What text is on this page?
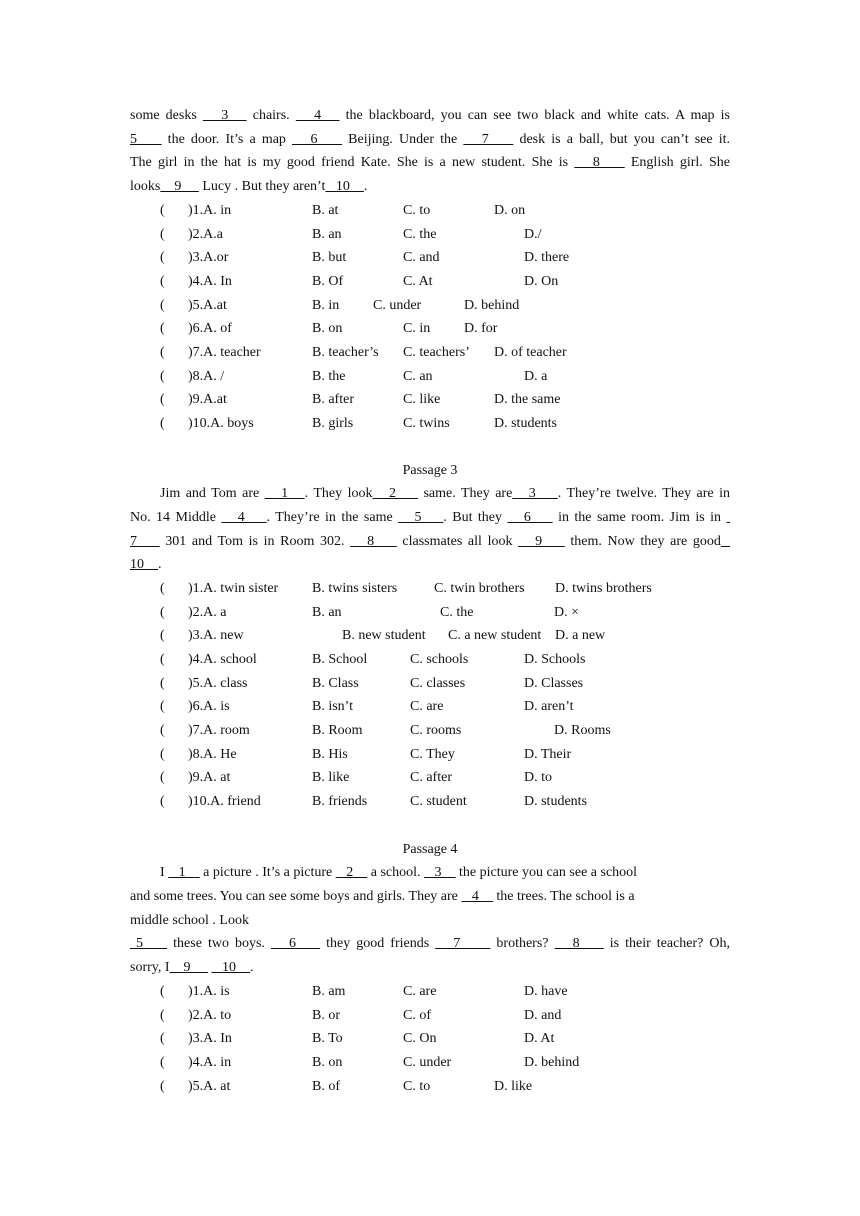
some desks    3    chairs.    4    the blackboard, you can see two black and white cats. A map is
5     the door. It’s a map    6     Beijing. Under the    7     desk is a ball, but you can’t see it.
The girl in the hat is my good friend Kate. She is a new student. She is    8     English girl. She
looks    9      Lucy . But they aren’t   10    .
( )1.A. in	B. at	C. to	D. on
( )2.A.a	B. an	C. the	D./
( )3.A.or	B. but	C. and	D. there
( )4.A. In	B. Of	C. At	D. On
( )5.A.at	B. in C. under	D. behind
( )6.A. of	B. on	C. in D. for
( )7.A. teacher	B. teacher’s C. teachers’ D. of teacher
( )8.A. /	B. the	C. an	D. a
( )9.A.at	B. after	C. like	D. the same
( )10.A. boys	B. girls	C. twins	D. students
Passage 3
Jim and Tom are    1   . They look   2     same. They are   3    . They’re twelve. They are in
No. 14 Middle    4    . They’re in the same    5    . But they    6     in the same room. Jim is in
7     301 and Tom is in Room 302.    8     classmates all look    9     them. Now they are good
10    .
( )1.A. twin sister B. twins sisters	C. twin brothers D. twins brothers
( )2.A. a	B. an	C. the	D. ×
( )3.A. new	B. new student C. a new student D. a new
( )4.A. school	B. School	C. schools	D. Schools
( )5.A. class	B. Class	C. classes	D. Classes
( )6.A. is	B. isn’t	C. are	D. aren’t
( )7.A. room	B. Room	C. rooms	D. Rooms
( )8.A. He	B. His	C. They	D. Their
( )9.A. at	B. like	C. after	D. to
( )10.A. friend	B. friends	C. student	D. students
Passage 4
I    1     a picture . It’s a picture    2     a school.    3     the picture you can see a school
and some trees. You can see some boys and girls. They are    4     the trees. The school is a
middle school . Look
5     these two boys.    6     they good friends    7      brothers?    8     is their teacher? Oh,
sorry, I    9         10    .
( )1.A. is	B. am	C. are	D. have
( )2.A. to	B. or	C. of	D. and
( )3.A. In	B. To	C. On	D. At
( )4.A. in	B. on	C. under	D. behind
( )5.A. at	B. of	C. to	D. like
